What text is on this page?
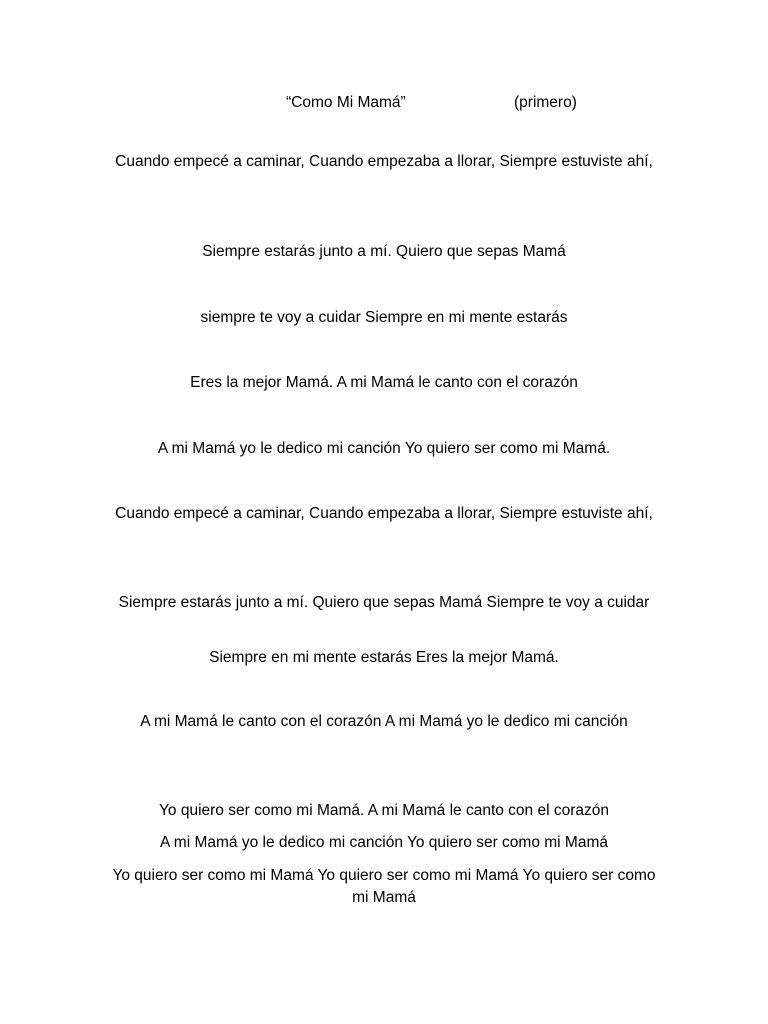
“Como Mi Mamá”	(primero)
Cuando empecé a caminar, Cuando empezaba a llorar, Siempre estuviste ahí,
Siempre estarás junto a mí. Quiero que sepas Mamá
siempre te voy a cuidar Siempre en mi mente estarás
Eres la mejor Mamá. A mi Mamá le canto con el corazón
A mi Mamá yo le dedico mi canción Yo quiero ser como mi Mamá.
Cuando empecé a caminar, Cuando empezaba a llorar, Siempre estuviste ahí,
Siempre estarás junto a mí. Quiero que sepas Mamá Siempre te voy a cuidar
Siempre en mi mente estarás Eres la mejor Mamá.
A mi Mamá le canto con el corazón A mi Mamá yo le dedico mi canción
Yo quiero ser como mi Mamá. A mi Mamá le canto con el corazón
A mi Mamá yo le dedico mi canción Yo quiero ser como mi Mamá
Yo quiero ser como mi Mamá Yo quiero ser como mi Mamá Yo quiero ser como mi Mamá
